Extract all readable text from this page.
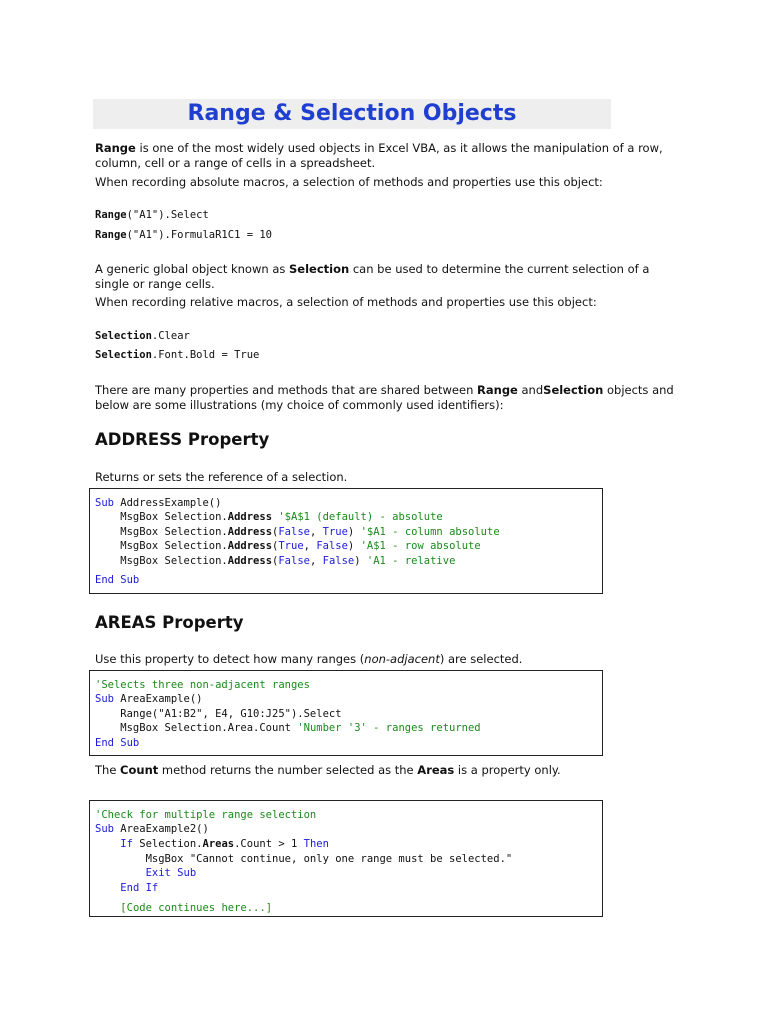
Range & Selection Objects

Range is one of the most widely used objects in Excel VBA, as it allows the manipulation of a row, column, cell or a range of cells in a spreadsheet.

When recording absolute macros, a selection of methods and properties use this object:

Range("A1").Select
Range("A1").FormulaR1C1 = 10

A generic global object known as Selection can be used to determine the current selection of a single or range cells.

When recording relative macros, a selection of methods and properties use this object:

Selection.Clear
Selection.Font.Bold = True

There are many properties and methods that are shared between Range andSelection objects and below are some illustrations (my choice of commonly used identifiers):

ADDRESS Property

Returns or sets the reference of a selection.

Sub AddressExample()
MsgBox Selection.Address '$A$1 (default) - absolute
MsgBox Selection.Address(False, True) '$A1 - column absolute
MsgBox Selection.Address(True, False) 'A$1 - row absolute
MsgBox Selection.Address(False, False) 'A1 - relative
End Sub
AREAS Property

Use this property to detect how many ranges (non-adjacent) are selected.

'Selects three non-adjacent ranges
Sub AreaExample()
Range("A1:B2", E4, G10:J25").Select
MsgBox Selection.Area.Count 'Number '3' - ranges returned
End Sub

The Count method returns the number selected as the Areas is a property only.

'Check for multiple range selection
Sub AreaExample2()
If Selection.Areas.Count > 1 Then
MsgBox "Cannot continue, only one range must be selected."
Exit Sub
End If
[Code continues here...]
